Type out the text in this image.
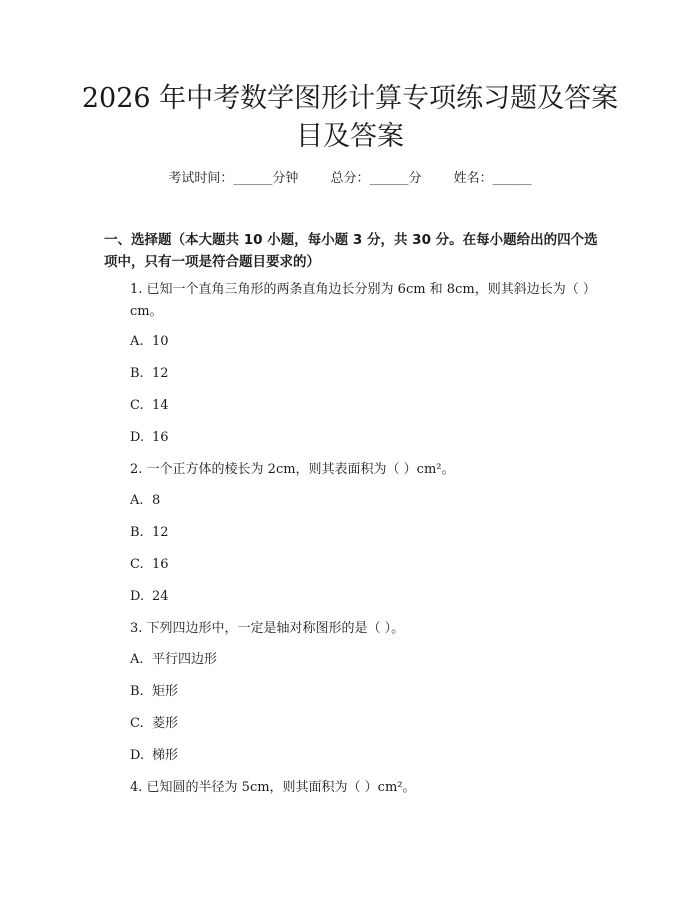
2026 年中考数学图形计算专项练习题及答案
目及答案
考试时间：______分钟 总分：______分 姓名：______
一、选择题（本大题共 10 小题，每小题 3 分，共 30 分。在每小题给出的四个选项中，只有一项是符合题目要求的）
1. 已知一个直角三角形的两条直角边长分别为 6cm 和 8cm，则其斜边长为（ ）cm。
A. 10
B. 12
C. 14
D. 16
2. 一个正方体的棱长为 2cm，则其表面积为（ ）cm²。
A. 8
B. 12
C. 16
D. 24
3. 下列四边形中，一定是轴对称图形的是（ ）。
A. 平行四边形
B. 矩形
C. 菱形
D. 梯形
4. 已知圆的半径为 5cm，则其面积为（ ）cm²。
